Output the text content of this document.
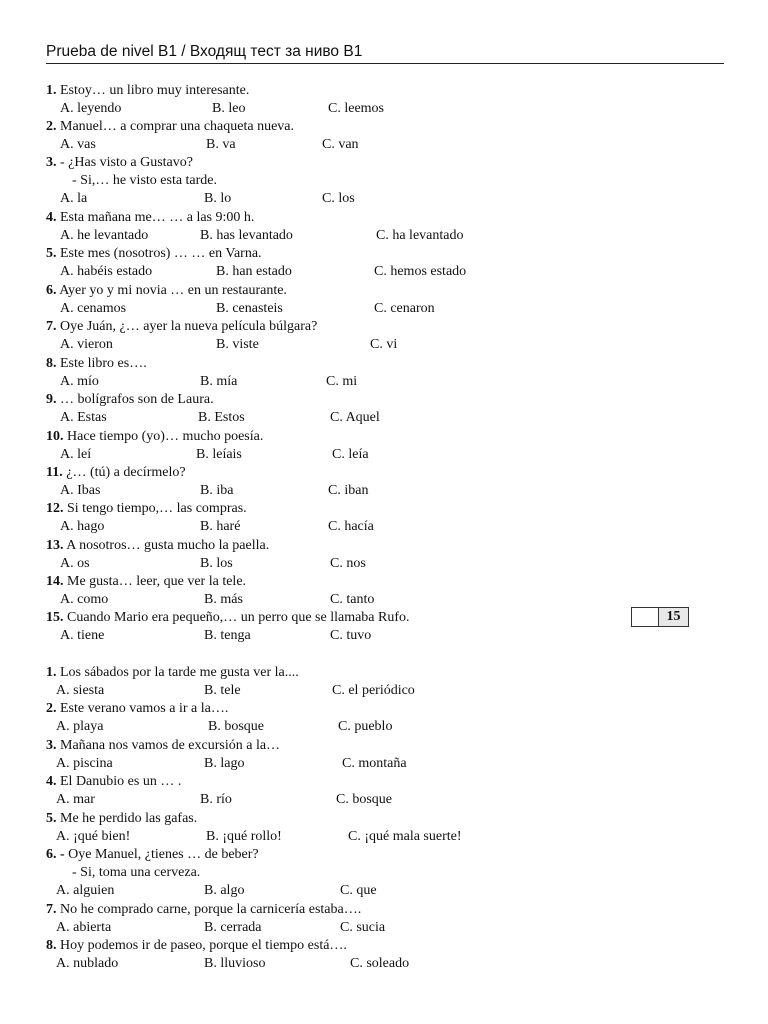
Prueba de nivel B1 / Входящ тест за ниво B1
1. Estoy… un libro muy interesante.
A. leyendo	B. leo	C. leemos
2. Manuel… a comprar una chaqueta nueva.
A. vas	B. va	C. van
3. - ¿Has visto a Gustavo?
- Si,… he visto esta tarde.
A. la	B. lo	C. los
4. Esta mañana me… … a las 9:00 h.
A. he levantado	B. has levantado	C. ha levantado
5. Este mes (nosotros) … … en Varna.
A. habéis estado	B. han estado	C. hemos estado
6. Ayer yo y mi novia … en un restaurante.
A. cenamos	B. cenasteis	C. cenaron
7. Oye Juán, ¿… ayer la nueva película búlgara?
A. vieron	B. viste	C. vi
8. Este libro es….
A. mío	B. mía	C. mi
9. … bolígrafos son de Laura.
A. Estas	B. Estos	C. Aquel
10. Hace tiempo (yo)… mucho poesía.
A. leí	B. leíais	C. leía
11. ¿… (tú) a decírmelo?
A. Ibas	B. iba	C. iban
12. Si tengo tiempo,… las compras.
A. hago	B. haré	C. hacía
13. A nosotros… gusta mucho la paella.
A. os	B. los	C. nos
14. Me gusta… leer, que ver la tele.
A. como	B. más	C. tanto
15. Cuando Mario era pequeño,… un perro que se llamaba Rufo.
A. tiene	B. tenga	C. tuvo
1. Los sábados por la tarde me gusta ver la....
A. siesta	B. tele	C. el periódico
2. Este verano vamos a ir a la….
A. playa	B. bosque	C. pueblo
3. Mañana nos vamos de excursión a la…
A. piscina	B. lago	C. montaña
4. El Danubio es un … .
A. mar	B. río	C. bosque
5. Me he perdido las gafas.
A. ¡qué bien!	B. ¡qué rollo!	C. ¡qué mala suerte!
6. - Oye Manuel, ¿tienes … de beber?
- Si, toma una cerveza.
A. alguien	B. algo	C. que
7. No he comprado carne, porque la carnicería estaba….
A. abierta	B. cerrada	C. sucia
8. Hoy podemos ir de paseo, porque el tiempo está….
A. nublado	B. lluvioso	C. soleado
15
